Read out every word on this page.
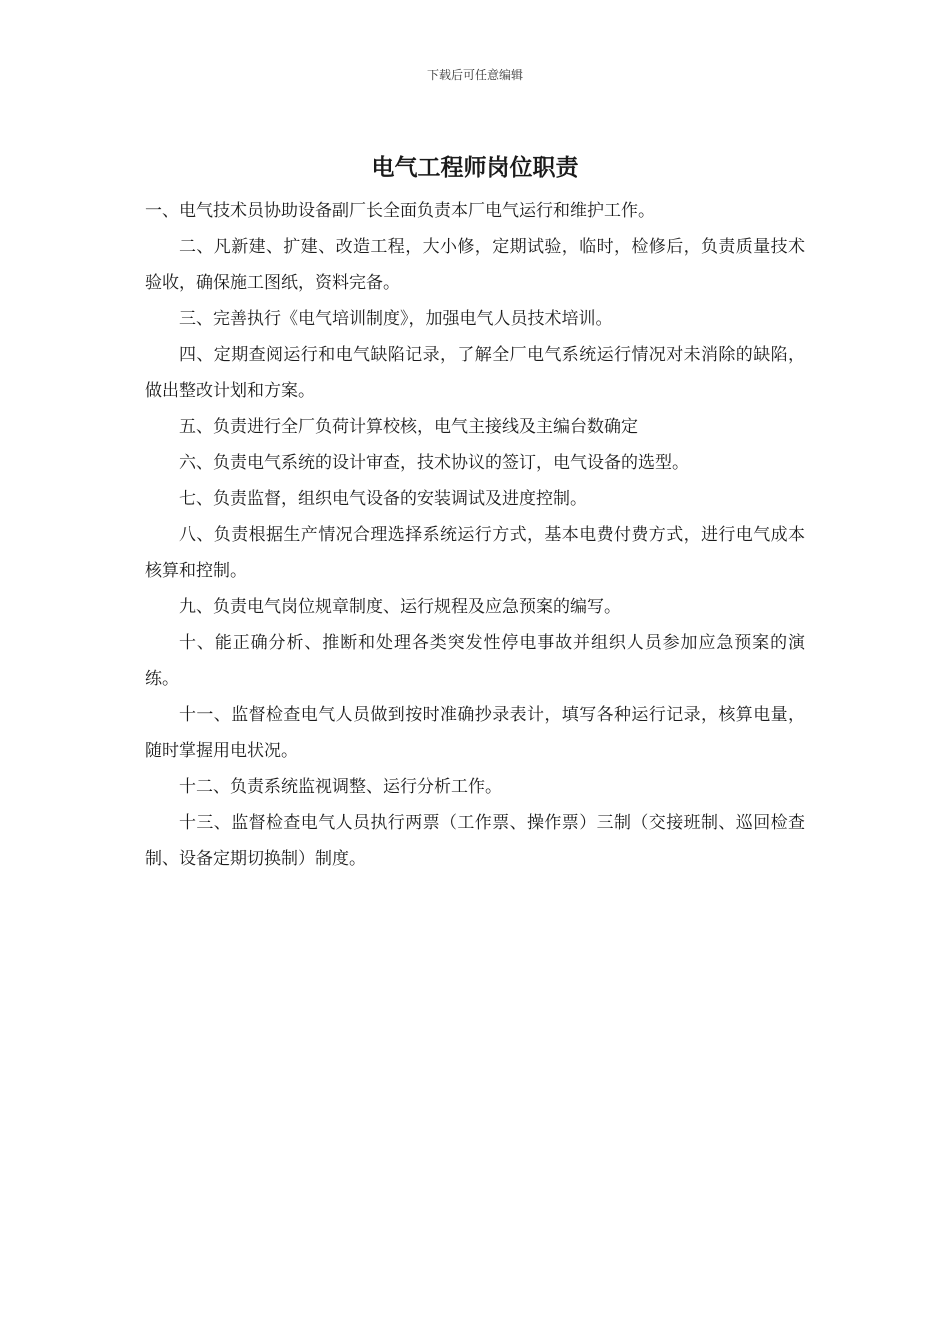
下载后可任意编辑
电气工程师岗位职责

一、电气技术员协助设备副厂长全面负责本厂电气运行和维护工作。

二、凡新建、扩建、改造工程，大小修，定期试验，临时，检修后，负责质量技术验收，确保施工图纸，资料完备。

三、完善执行《电气培训制度》，加强电气人员技术培训。

四、定期查阅运行和电气缺陷记录，了解全厂电气系统运行情况对未消除的缺陷，做出整改计划和方案。

五、负责进行全厂负荷计算校核，电气主接线及主编台数确定

六、负责电气系统的设计审查，技术协议的签订，电气设备的选型。

七、负责监督，组织电气设备的安装调试及进度控制。

八、负责根据生产情况合理选择系统运行方式，基本电费付费方式，进行电气成本核算和控制。

九、负责电气岗位规章制度、运行规程及应急预案的编写。

十、能正确分析、推断和处理各类突发性停电事故并组织人员参加应急预案的演练。

十一、监督检查电气人员做到按时准确抄录表计，填写各种运行记录，核算电量，随时掌握用电状况。

十二、负责系统监视调整、运行分析工作。

十三、监督检查电气人员执行两票（工作票、操作票）三制（交接班制、巡回检查制、设备定期切换制）制度。
